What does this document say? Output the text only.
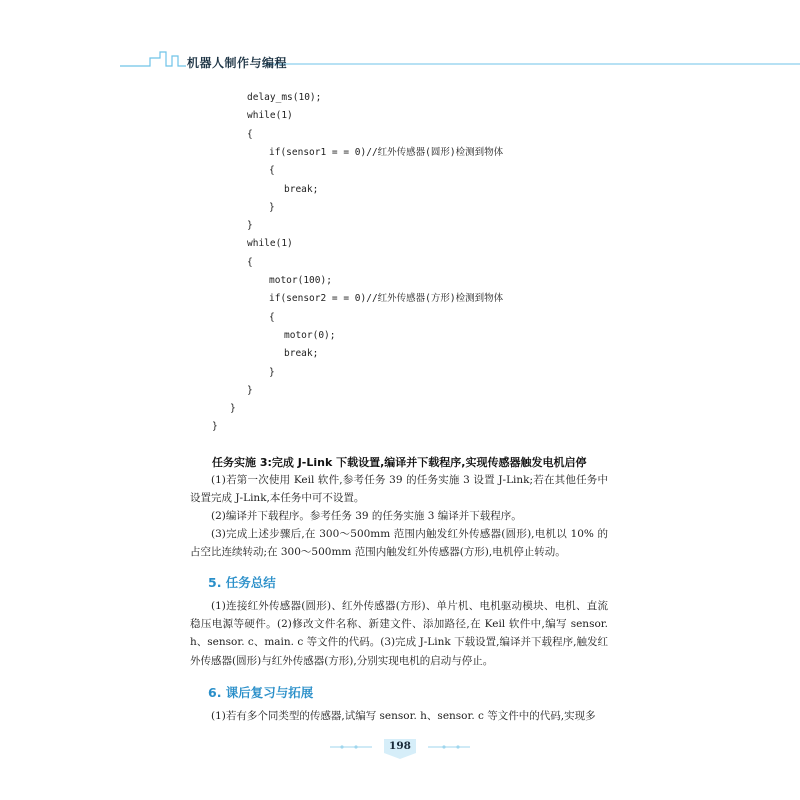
机器人制作与编程
delay_ms(10);
while(1)
{
if(sensor1 = = 0)//红外传感器(圆形)检测到物体
{
break;
}
}
while(1)
{
motor(100);
if(sensor2 = = 0)//红外传感器(方形)检测到物体
{
motor(0);
break;
}
}
}
}
任务实施 3:完成 J-Link 下载设置,编译并下载程序,实现传感器触发电机启停

(1)若第一次使用 Keil 软件,参考任务 39 的任务实施 3 设置 J-Link;若在其他任务中设置完成 J-Link,本任务中可不设置。

(2)编译并下载程序。参考任务 39 的任务实施 3 编译并下载程序。

(3)完成上述步骤后,在 300～500mm 范围内触发红外传感器(圆形),电机以 10% 的占空比连续转动;在 300～500mm 范围内触发红外传感器(方形),电机停止转动。

5. 任务总结

(1)连接红外传感器(圆形)、红外传感器(方形)、单片机、电机驱动模块、电机、直流稳压电源等硬件。(2)修改文件名称、新建文件、添加路径,在 Keil 软件中,编写 sensor. h、sensor. c、main. c 等文件的代码。(3)完成 J-Link 下载设置,编译并下载程序,触发红外传感器(圆形)与红外传感器(方形),分别实现电机的启动与停止。

6. 课后复习与拓展

(1)若有多个同类型的传感器,试编写 sensor. h、sensor. c 等文件中的代码,实现多

198
